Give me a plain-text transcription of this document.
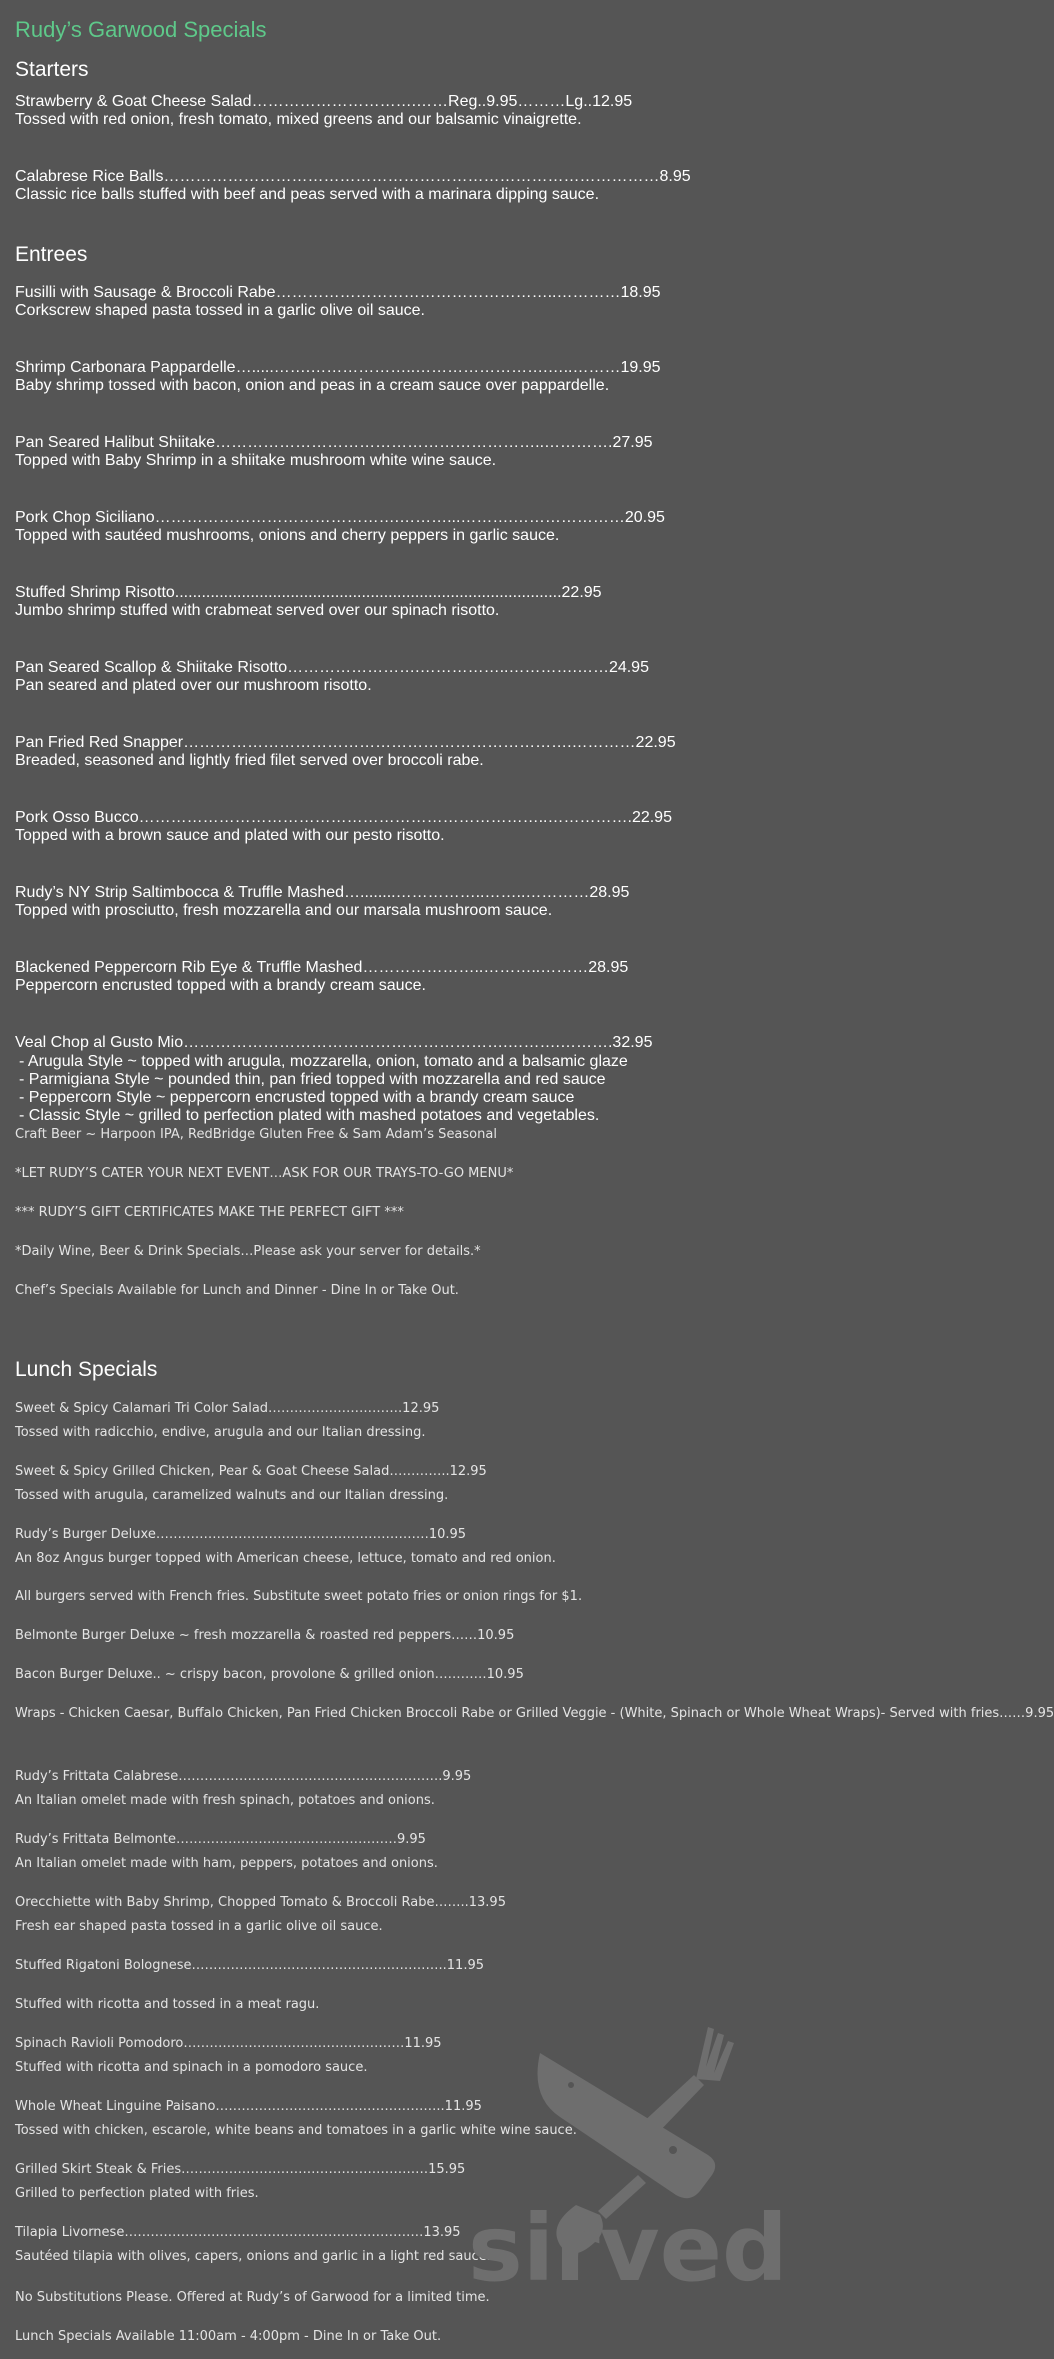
Rudy’s Garwood Specials
Starters
Strawberry & Goat Cheese Salad………………………….……Reg..9.95………Lg..12.95
Tossed with red onion, fresh tomato, mixed greens and our balsamic vinaigrette.
Calabrese Rice Balls…………………………………………………………………………………8.95
Classic rice balls stuffed with beef and peas served with a marinara dipping sauce.
Entrees
Fusilli with Sausage & Broccoli Rabe……………………………………………..…………18.95
Corkscrew shaped pasta tossed in a garlic olive oil sauce.
Shrimp Carbonara Pappardelle….....…….………………..…………………….…..………19.95
Baby shrimp tossed with bacon, onion and peas in a cream sauce over pappardelle.
Pan Seared Halibut Shiitake……………………………………………………..………….27.95
Topped with Baby Shrimp in a shiitake mushroom white wine sauce.
Pork Chop Siciliano……………………………………….………...……….…………………20.95
Topped with sautéed mushrooms, onions and cherry peppers in garlic sauce.
Stuffed Shrimp Risotto.......................................................................................22.95
Jumbo shrimp stuffed with crabmeat served over our spinach risotto.
Pan Seared Scallop & Shiitake Risotto…………………….……………..………….……24.95
Pan seared and plated over our mushroom risotto.
Pan Fried Red Snapper……………………………………………………………….…………22.95
Breaded, seasoned and lightly fried filet served over broccoli rabe.
Pork Osso Bucco…………………………………………………………………..…………….22.95
Topped with a brown sauce and plated with our pesto risotto.
Rudy’s NY Strip Saltimbocca & Truffle Mashed…........……………..……..…………28.95
Topped with prosciutto, fresh mozzarella and our marsala mushroom sauce.
Blackened Peppercorn Rib Eye & Truffle Mashed…………………..………..………28.95
Peppercorn encrusted topped with a brandy cream sauce.
Veal Chop al Gusto Mio…………………………………………………….……….……….32.95
- Arugula Style ~ topped with arugula, mozzarella, onion, tomato and a balsamic glaze
- Parmigiana Style ~ pounded thin, pan fried topped with mozzarella and red sauce
- Peppercorn Style ~ peppercorn encrusted topped with a brandy cream sauce
- Classic Style ~ grilled to perfection plated with mashed potatoes and vegetables.
Craft Beer ~ Harpoon IPA, RedBridge Gluten Free & Sam Adam’s Seasonal
*LET RUDY’S CATER YOUR NEXT EVENT…ASK FOR OUR TRAYS-TO-GO MENU*
*** RUDY’S GIFT CERTIFICATES MAKE THE PERFECT GIFT ***
*Daily Wine, Beer & Drink Specials…Please ask your server for details.*
Chef’s Specials Available for Lunch and Dinner - Dine In or Take Out.
Lunch Specials
Sweet & Spicy Calamari Tri Color Salad………………………….12.95
Tossed with radicchio, endive, arugula and our Italian dressing.
Sweet & Spicy Grilled Chicken, Pear & Goat Cheese Salad…………..12.95
Tossed with arugula, caramelized walnuts and our Italian dressing.
Rudy’s Burger Deluxe………………………………………………………10.95
An 8oz Angus burger topped with American cheese, lettuce, tomato and red onion.
All burgers served with French fries. Substitute sweet potato fries or onion rings for $1.
Belmonte Burger Deluxe ~ fresh mozzarella & roasted red peppers……10.95
Bacon Burger Deluxe.. ~ crispy bacon, provolone & grilled onion…………10.95
Wraps - Chicken Caesar, Buffalo Chicken, Pan Fried Chicken Broccoli Rabe or Grilled Veggie - (White, Spinach or Whole Wheat Wraps)- Served with fries……9.95
Rudy’s Frittata Calabrese…………………………………………………….9.95
An Italian omelet made with fresh spinach, potatoes and onions.
Rudy’s Frittata Belmonte……………………………………………9.95
An Italian omelet made with ham, peppers, potatoes and onions.
Orecchiette with Baby Shrimp, Chopped Tomato & Broccoli Rabe……..13.95
Fresh ear shaped pasta tossed in a garlic olive oil sauce.
Stuffed Rigatoni Bolognese…………………………………………………..11.95
Stuffed with ricotta and tossed in a meat ragu.
Spinach Ravioli Pomodoro……………………………………………11.95
Stuffed with ricotta and spinach in a pomodoro sauce.
Whole Wheat Linguine Paisano……………………………………………..11.95
Tossed with chicken, escarole, white beans and tomatoes in a garlic white wine sauce.
Grilled Skirt Steak & Fries…………………………………………………15.95
Grilled to perfection plated with fries.
Tilapia Livornese……………………………………………………………13.95
Sautéed tilapia with olives, capers, onions and garlic in a light red sauce.
No Substitutions Please. Offered at Rudy’s of Garwood for a limited time.
Lunch Specials Available 11:00am - 4:00pm - Dine In or Take Out.
sirved
